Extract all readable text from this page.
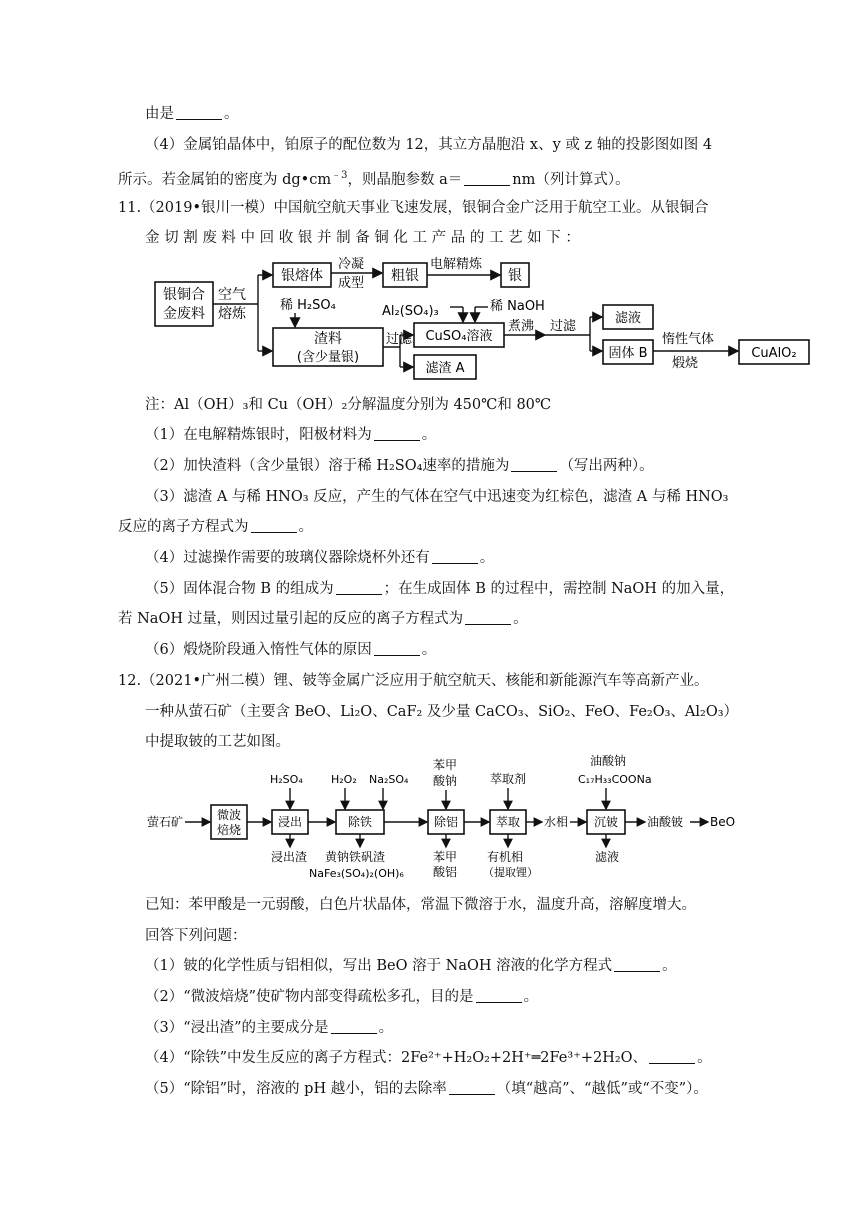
由是	。
（4）金属铂晶体中，铂原子的配位数为 12，其立方晶胞沿 x、y 或 z 轴的投影图如图 4
所示。若金属铂的密度为 $dg•cm^{﹣3}$，则晶胞参数 a＝	nm（列计算式）。
11.（2019•银川一模）中国航空航天事业飞速发展，银铜合金广泛用于航空工业。从银铜合
金 切 割 废 料 中 回 收 银 并 制 备 铜 化 工 产 品 的 工 艺 如 下 ：
银铜合
金废料
空气
熔炼
银熔体
冷凝
成型 粗银
电解精炼
银
稀 H₂SO₄
渣料
(含少量银)
过滤
Al₂(SO₄)₃	稀 NaOH
CuSO₄溶液
煮沸
滤渣 A
过滤
滤液
固体 B
惰性气体
煅烧
CuAlO₂
注：Al（OH）₃和 Cu（OH）₂分解温度分别为 450℃和 80℃
（1）在电解精炼银时，阳极材料为	。
（2）加快渣料（含少量银）溶于稀 H₂SO₄速率的措施为	（写出两种）。
（3）滤渣 A 与稀 HNO₃ 反应，产生的气体在空气中迅速变为红棕色，滤渣 A 与稀 HNO₃
反应的离子方程式为	。
（4）过滤操作需要的玻璃仪器除烧杯外还有	。
（5）固体混合物 B 的组成为	；在生成固体 B 的过程中，需控制 NaOH 的加入量，
若 NaOH 过量，则因过量引起的反应的离子方程式为	。
（6）煅烧阶段通入惰性气体的原因	。
12.（2021•广州二模）锂、铍等金属广泛应用于航空航天、核能和新能源汽车等高新产业。
一种从萤石矿（主要含 BeO、Li₂O、CaF₂ 及少量 CaCO₃、SiO₂、FeO、Fe₂O₃、Al₂O₃）
中提取铍的工艺如图。
萤石矿	微波
焙烧
浸出
H₂SO₄
浸出渣
除铁
H₂O₂ Na₂SO₄
黄钠铁矾渣
NaFe₃(SO₄)₂(OH)₆
除铝
苯甲
酸钠
苯甲
酸铝
萃取
萃取剂
有机相
（提取锂）
水相 沉铍
油酸钠
C₁₇H₃₃COONa
滤液
油酸铍 BeO
已知：苯甲酸是一元弱酸，白色片状晶体，常温下微溶于水，温度升高，溶解度增大。
回答下列问题：
（1）铍的化学性质与铝相似，写出 BeO 溶于 NaOH 溶液的化学方程式	。
（2）“微波焙烧”使矿物内部变得疏松多孔，目的是	。
（3）“浸出渣”的主要成分是	。
（4）“除铁”中发生反应的离子方程式：2Fe²⁺+H₂O₂+2H⁺═2Fe³⁺+2H₂O、	。
（5）“除铝”时，溶液的 pH 越小，铝的去除率	（填“越高”、“越低”或“不变”）。
